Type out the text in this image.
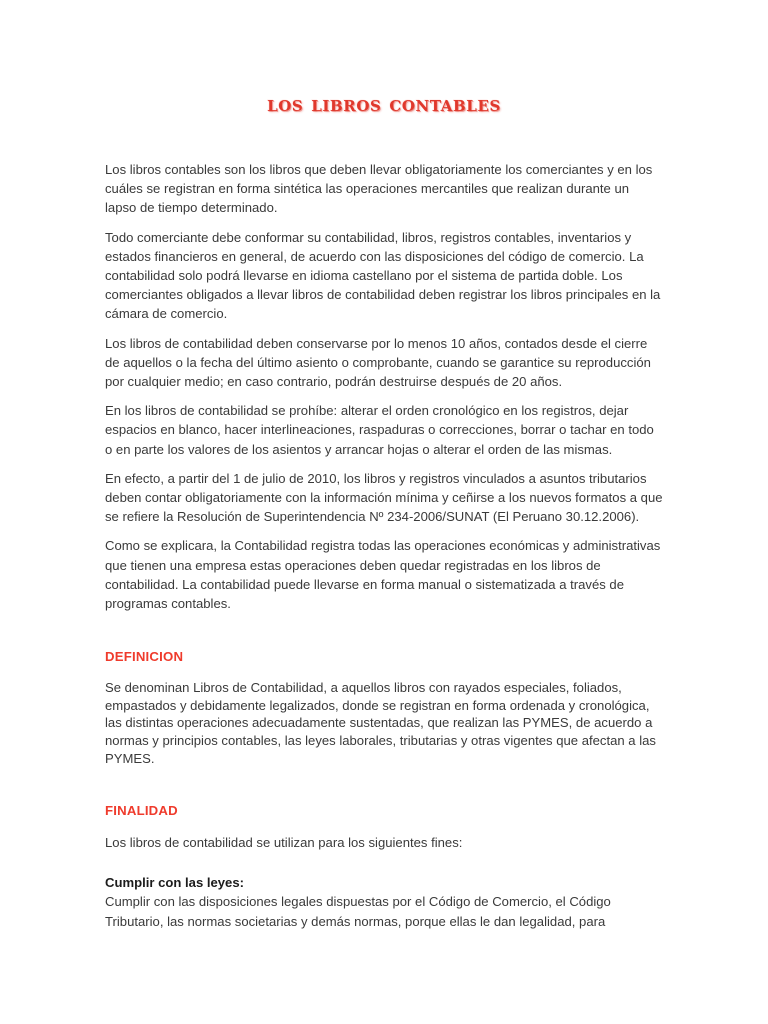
los libros contables

Los libros contables son los libros que deben llevar obligatoriamente los comerciantes y en los cuáles se registran en forma sintética las operaciones mercantiles que realizan durante un lapso de tiempo determinado.

Todo comerciante debe conformar su contabilidad, libros, registros contables, inventarios y estados financieros en general, de acuerdo con las disposiciones del código de comercio. La contabilidad solo podrá llevarse en idioma castellano por el sistema de partida doble. Los comerciantes obligados a llevar libros de contabilidad deben registrar los libros principales en la cámara de comercio.

Los libros de contabilidad deben conservarse por lo menos 10 años, contados desde el cierre de aquellos o la fecha del último asiento o comprobante, cuando se garantice su reproducción por cualquier medio; en caso contrario, podrán destruirse después de 20 años.

En los libros de contabilidad se prohíbe: alterar el orden cronológico en los registros, dejar espacios en blanco, hacer interlineaciones, raspaduras o correcciones, borrar o tachar en todo o en parte los valores de los asientos y arrancar hojas o alterar el orden de las mismas.

En efecto, a partir del 1 de julio de 2010, los libros y registros vinculados a asuntos tributarios deben contar obligatoriamente con la información mínima y ceñirse a los nuevos formatos a que se refiere la Resolución de Superintendencia Nº 234-2006/SUNAT (El Peruano 30.12.2006).

Como se explicara, la Contabilidad registra todas las operaciones económicas y administrativas que tienen una empresa estas operaciones deben quedar registradas en los libros de contabilidad. La contabilidad puede llevarse en forma manual o sistematizada a través de programas contables.

DEFINICION

Se denominan Libros de Contabilidad, a aquellos libros con rayados especiales, foliados, empastados y debidamente legalizados, donde se registran en forma ordenada y cronológica, las distintas operaciones adecuadamente sustentadas, que realizan las PYMES, de acuerdo a normas y principios contables, las leyes laborales, tributarias y otras vigentes que afectan a las PYMES.

FINALIDAD

Los libros de contabilidad se utilizan para los siguientes fines:

Cumplir con las leyes:

Cumplir con las disposiciones legales dispuestas por el Código de Comercio, el Código Tributario, las normas societarias y demás normas, porque ellas le dan legalidad, para
